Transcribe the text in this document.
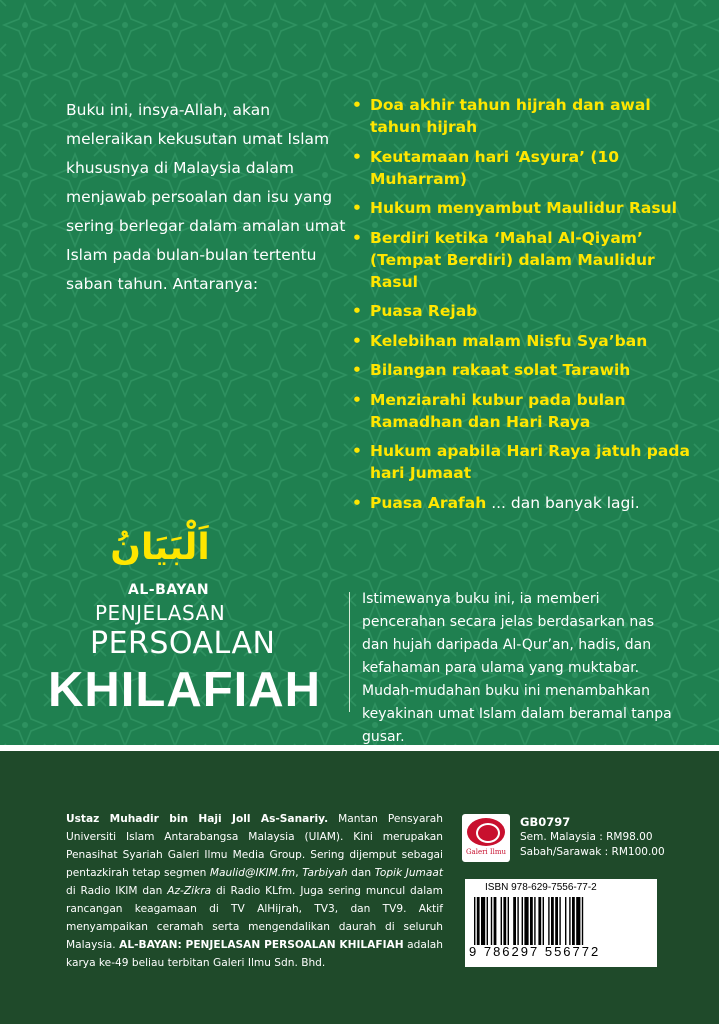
Buku ini, insya-Allah, akan meleraikan kekusutan umat Islam khususnya di Malaysia dalam menjawab persoalan dan isu yang sering berlegar dalam amalan umat Islam pada bulan-bulan tertentu saban tahun. Antaranya:
• Doa akhir tahun hijrah dan awal tahun hijrah
• Keutamaan hari ‘Asyura’ (10 Muharram)
• Hukum menyambut Maulidur Rasul
• Berdiri ketika ‘Mahal Al-Qiyam’ (Tempat Berdiri) dalam Maulidur Rasul
• Puasa Rejab
• Kelebihan malam Nisfu Sya’ban
• Bilangan rakaat solat Tarawih
• Menziarahi kubur pada bulan Ramadhan dan Hari Raya
• Hukum apabila Hari Raya jatuh pada hari Jumaat
• Puasa Arafah ... dan banyak lagi.
اَلْبَيَانُ
AL-BAYAN
PENJELASAN
PERSOALAN
KHILAFIAH
Istimewanya buku ini, ia memberi pencerahan secara jelas berdasarkan nas dan hujah daripada Al-Qur’an, hadis, dan kefahaman para ulama yang muktabar. Mudah-mudahan buku ini menambahkan keyakinan umat Islam dalam beramal tanpa gusar.
Ustaz Muhadir bin Haji Joll As-Sanariy. Mantan Pensyarah Universiti Islam Antarabangsa Malaysia (UIAM). Kini merupakan Penasihat Syariah Galeri Ilmu Media Group. Sering dijemput sebagai pentazkirah tetap segmen Maulid@IKIM.fm, Tarbiyah dan Topik Jumaat di Radio IKIM dan Az-Zikra di Radio KLfm. Juga sering muncul dalam rancangan keagamaan di TV AlHijrah, TV3, dan TV9. Aktif menyampaikan ceramah serta mengendalikan daurah di seluruh Malaysia. AL-BAYAN: PENJELASAN PERSOALAN KHILAFIAH adalah karya ke-49 beliau terbitan Galeri Ilmu Sdn. Bhd.
Galeri Ilmu
GB0797
Sem. Malaysia : RM98.00
Sabah/Sarawak : RM100.00
ISBN 978-629-7556-77-2
9 786297 556772
